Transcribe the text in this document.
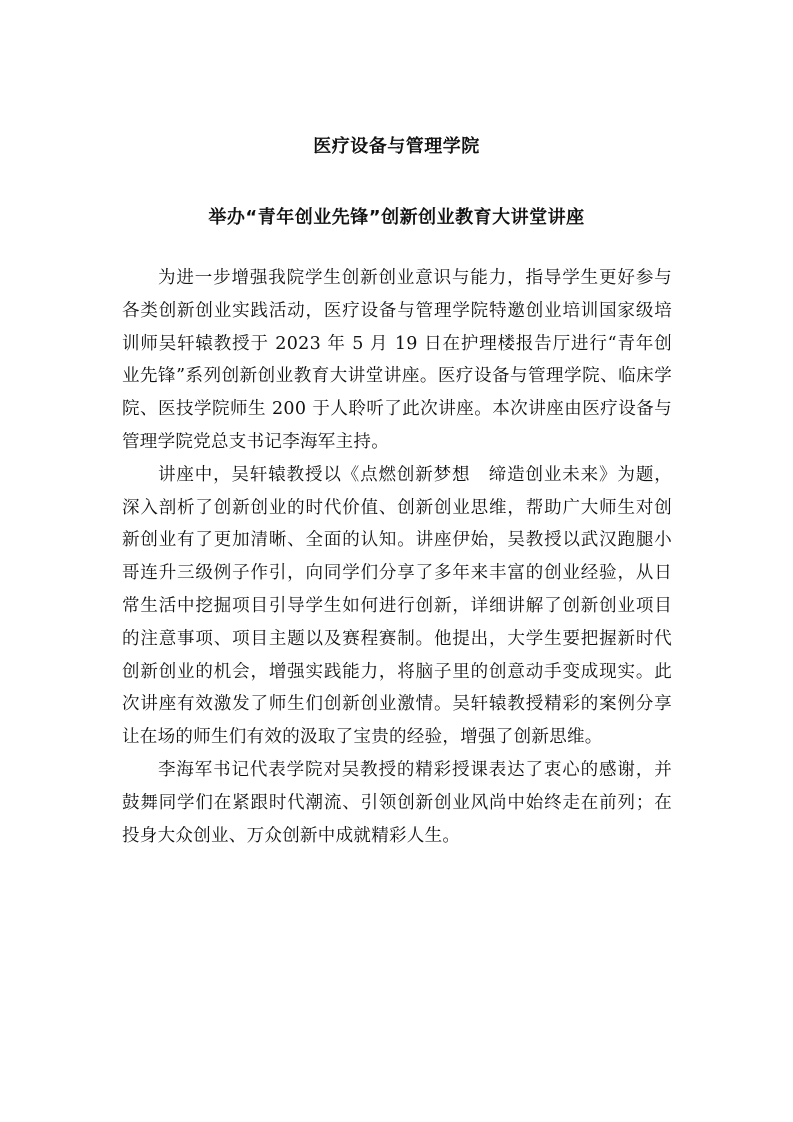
医疗设备与管理学院
举办“青年创业先锋”创新创业教育大讲堂讲座

为进一步增强我院学生创新创业意识与能力，指导学生更好参与各类创新创业实践活动，医疗设备与管理学院特邀创业培训国家级培训师吴轩辕教授于 2023 年 5 月 19 日在护理楼报告厅进行“青年创业先锋”系列创新创业教育大讲堂讲座。医疗设备与管理学院、临床学院、医技学院师生 200 于人聆听了此次讲座。本次讲座由医疗设备与管理学院党总支书记李海军主持。

讲座中，吴轩辕教授以《点燃创新梦想　缔造创业未来》为题，深入剖析了创新创业的时代价值、创新创业思维，帮助广大师生对创新创业有了更加清晰、全面的认知。讲座伊始，吴教授以武汉跑腿小哥连升三级例子作引，向同学们分享了多年来丰富的创业经验，从日常生活中挖掘项目引导学生如何进行创新，详细讲解了创新创业项目的注意事项、项目主题以及赛程赛制。他提出，大学生要把握新时代创新创业的机会，增强实践能力，将脑子里的创意动手变成现实。此次讲座有效激发了师生们创新创业激情。吴轩辕教授精彩的案例分享让在场的师生们有效的汲取了宝贵的经验，增强了创新思维。

李海军书记代表学院对吴教授的精彩授课表达了衷心的感谢，并鼓舞同学们在紧跟时代潮流、引领创新创业风尚中始终走在前列；在投身大众创业、万众创新中成就精彩人生。
